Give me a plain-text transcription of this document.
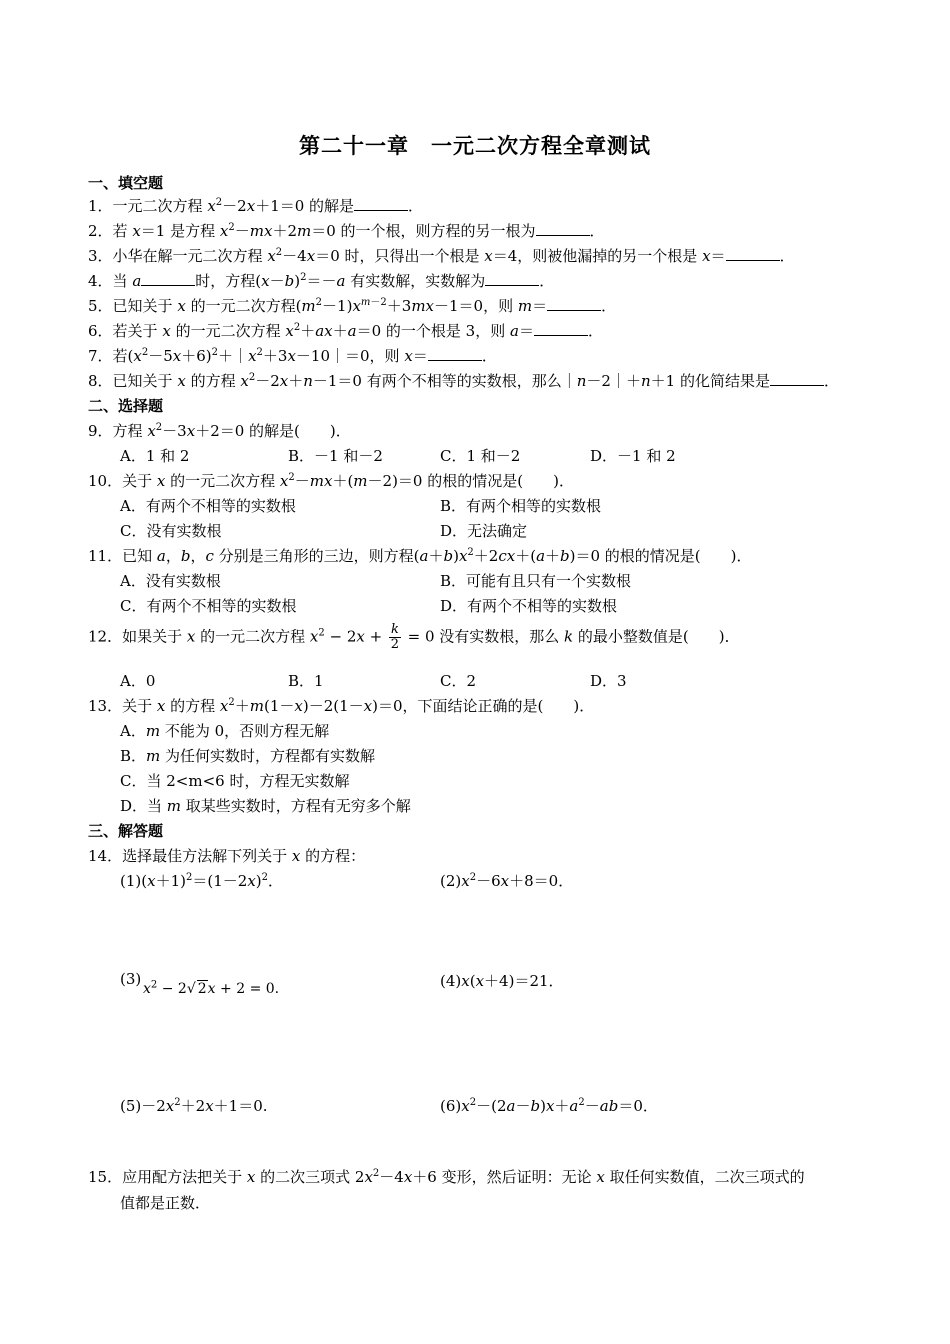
第二十一章　一元二次方程全章测试
一、填空题
1．一元二次方程 $x^2-2x+1=0$ 的解是	．
2．若 x＝1 是方程 $x^2-mx+2m=0$ 的一个根，则方程的另一根为	．
3．小华在解一元二次方程 $x^2-4x=0$ 时，只得出一个根是 x＝4，则被他漏掉的另一个根是 x＝	．
4．当 a	时，方程$(x-b)^2=-a$ 有实数解，实数解为	．
5．已知关于 x 的一元二次方程$(m^2-1)x^{m-2}+3mx-1=0$，则 m＝	．
6．若关于 x 的一元二次方程 $x^2+ax+a=0$ 的一个根是 3，则 a＝	．
7．若$(x^2-5x+6)^2+|x^2+3x-10|=0$，则 x＝	．
8．已知关于 x 的方程 $x^2-2x+n-1=0$ 有两个不相等的实数根，那么｜n－2｜＋n＋1 的化简结果是	．
二、选择题
9．方程 $x^2-3x+2=0$ 的解是(　　)．
A．1 和 2	B．－1 和－2	C．1 和－2	D．－1 和 2
10．关于 x 的一元二次方程 $x^2-mx+(m-2)=0$ 的根的情况是(　　)．
A．有两个不相等的实数根	B．有两个相等的实数根
C．没有实数根	D．无法确定
11．已知 a，b，c 分别是三角形的三边，则方程$(a+b)x^2+2cx+(a+b)=0$ 的根的情况是(　　)．
A．没有实数根	B．可能有且只有一个实数根
C．有两个不相等的实数根	D．有两个不相等的实数根
12．如果关于 x 的一元二次方程 $x^2 - 2x + \frac{k}{2} = 0$ 没有实数根，那么 k 的最小整数值是(　　)．
A．0	B．1	C．2	D．3
13．关于 x 的方程 $x^2+m(1-x)-2(1-x)=0$，下面结论正确的是(　　)．
A．m 不能为 0，否则方程无解
B．m 为任何实数时，方程都有实数解
C．当 2<m<6 时，方程无实数解
D．当 m 取某些实数时，方程有无穷多个解
三、解答题
14．选择最佳方法解下列关于 x 的方程：
$(1)(x+1)^2=(1-2x)^2$．	$(2)x^2-6x+8=0$．
(3)
$x^2 - 2√$ 2x + 2 = 0.	(4)x(x＋4)＝21．
$(5)-2x^2+2x+1=0$.	$(6)x^2-(2a-b)x+a^2-ab=0$．
15．应用配方法把关于 x 的二次三项式 $2x^2-4x+6$ 变形，然后证明：无论 x 取任何实数值，二次三项式的
值都是正数．
